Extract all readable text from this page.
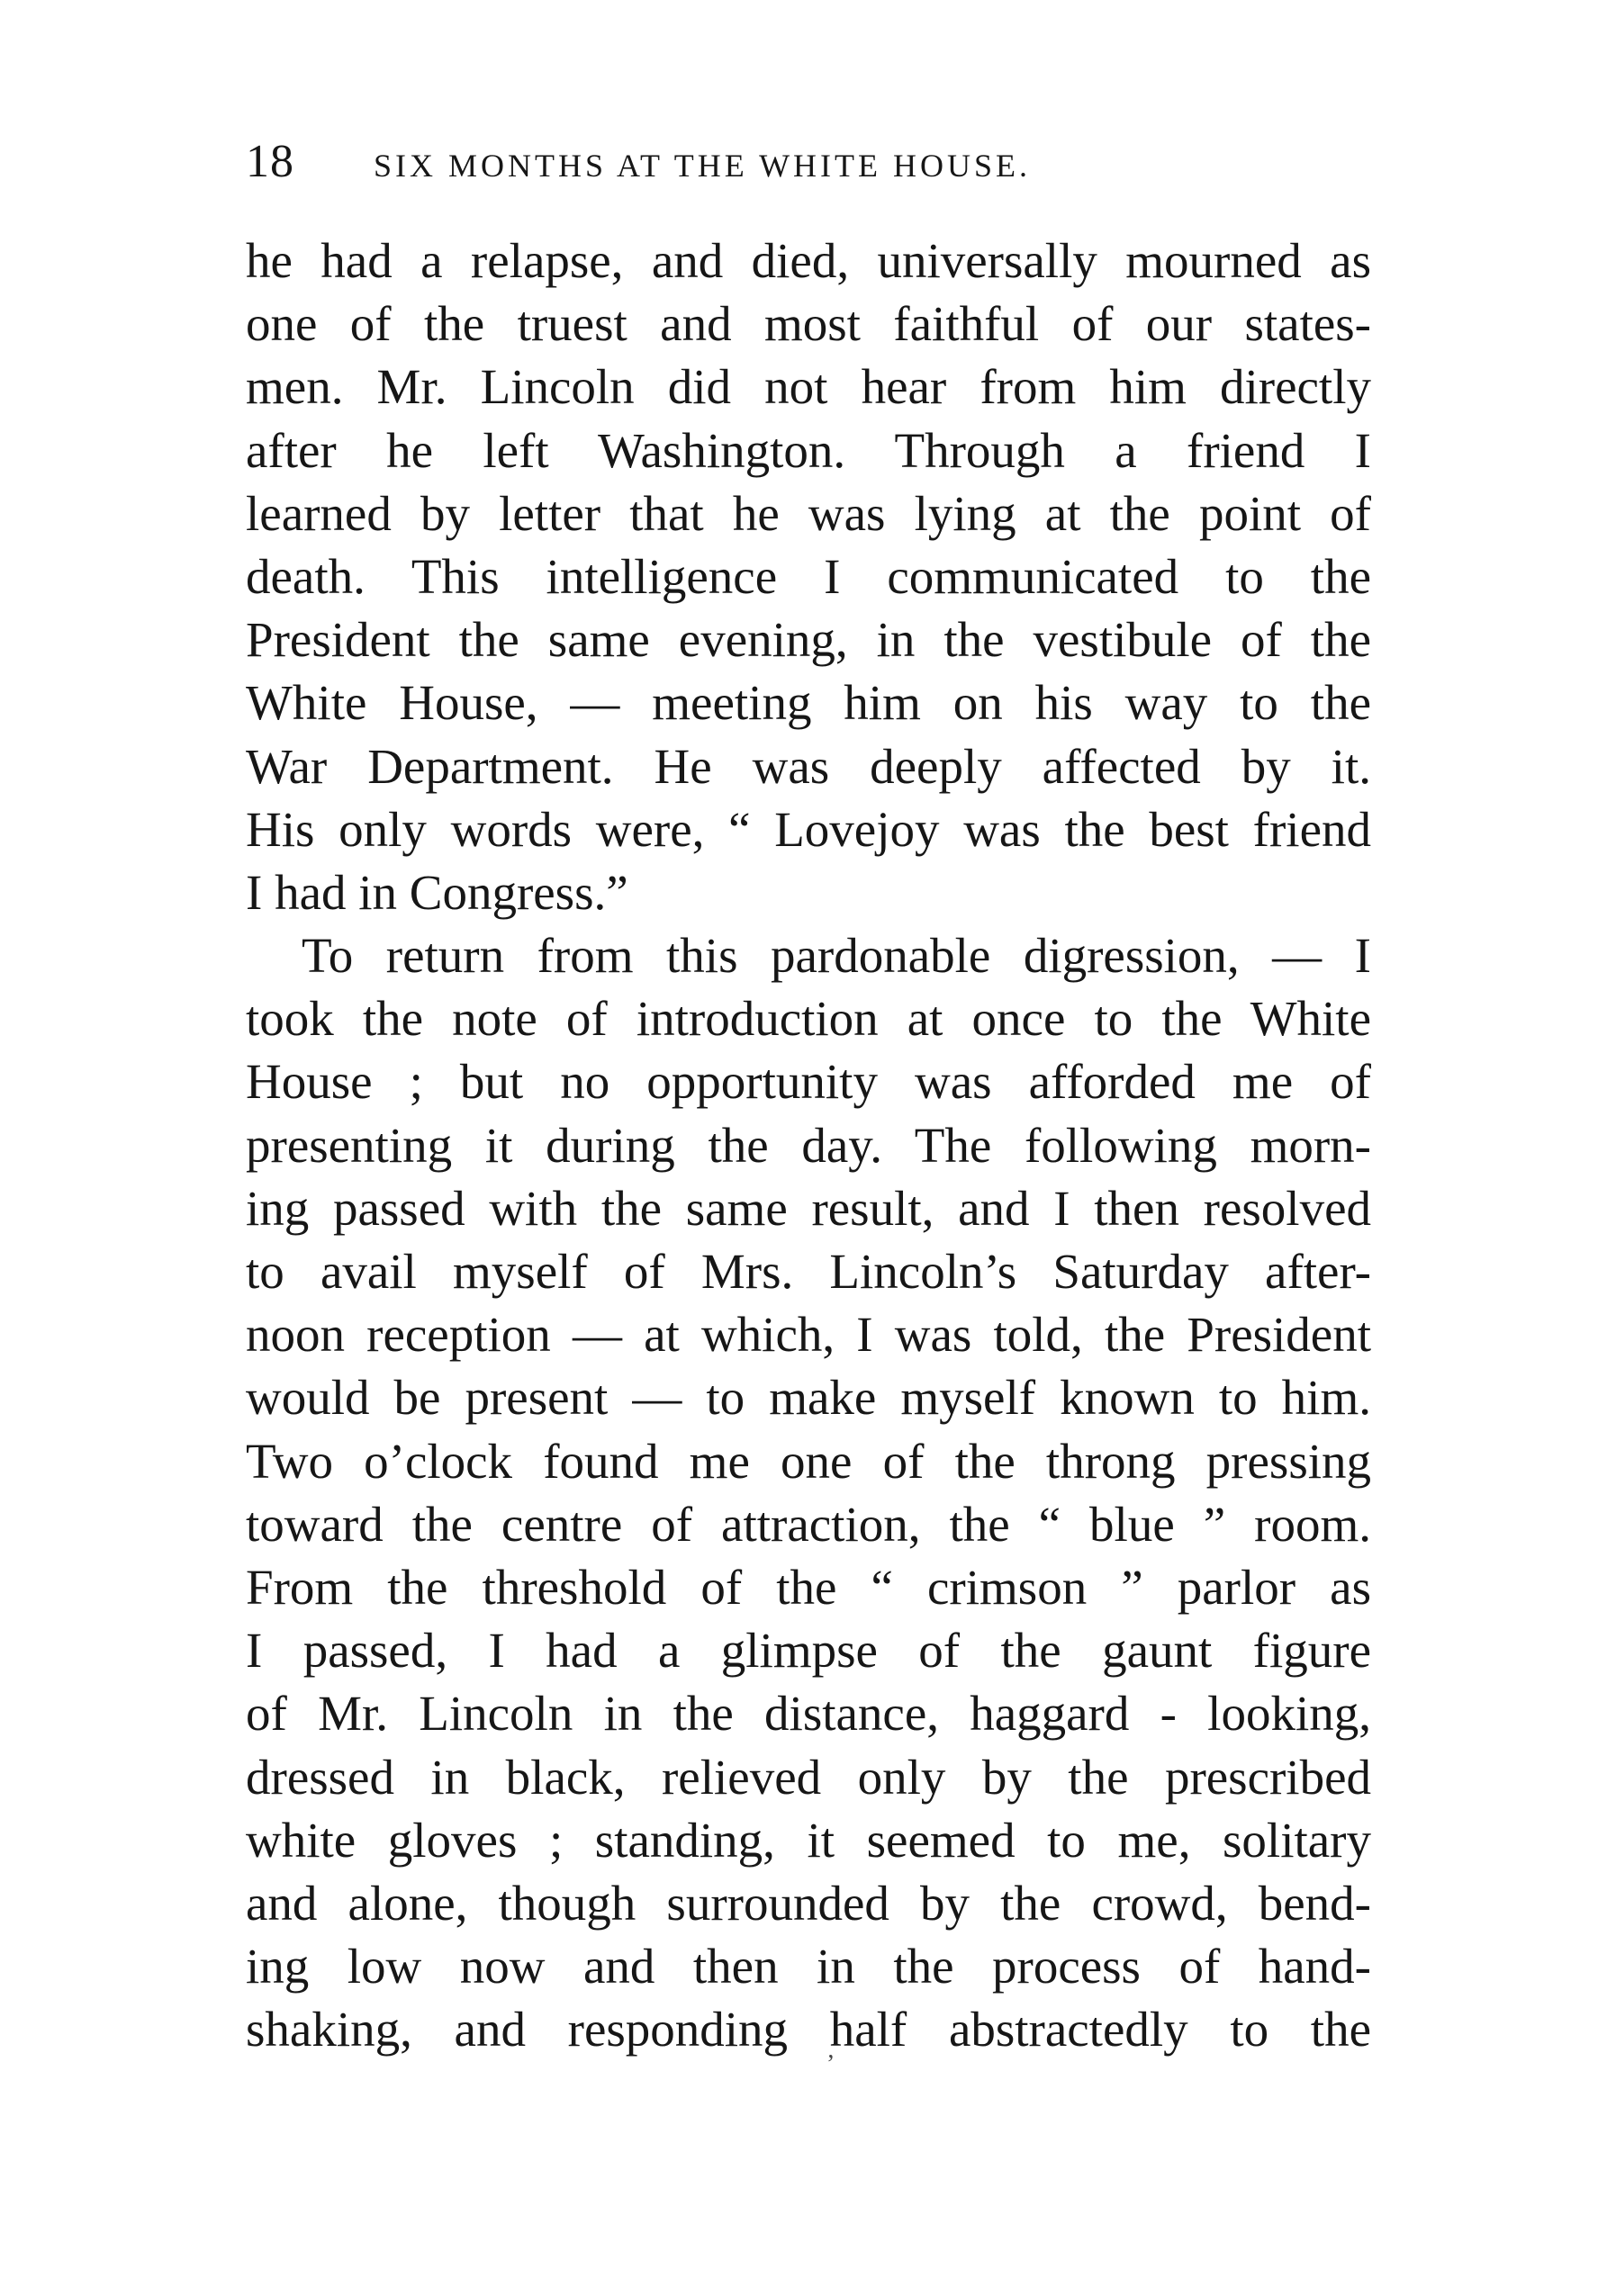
18 SIX MONTHS AT THE WHITE HOUSE.
he had a relapse, and died, universally mourned as
one of the truest and most faithful of our states-
men. Mr. Lincoln did not hear from him directly
after he left Washington. Through a friend I
learned by letter that he was lying at the point of
death. This intelligence I communicated to the
President the same evening, in the vestibule of the
White House, — meeting him on his way to the
War Department. He was deeply affected by it.
His only words were, “ Lovejoy was the best friend
I had in Congress.”
To return from this pardonable digression, — I
took the note of introduction at once to the White
House ; but no opportunity was afforded me of
presenting it during the day. The following morn-
ing passed with the same result, and I then resolved
to avail myself of Mrs. Lincoln’s Saturday after-
noon reception — at which, I was told, the President
would be present — to make myself known to him.
Two o’clock found me one of the throng pressing
toward the centre of attraction, the “ blue ” room.
From the threshold of the “ crimson ” parlor as
I passed, I had a glimpse of the gaunt figure
of Mr. Lincoln in the distance, haggard - looking,
dressed in black, relieved only by the prescribed
white gloves ; standing, it seemed to me, solitary
and alone, though surrounded by the crowd, bend-
ing low now and then in the process of hand-
shaking, and responding half abstractedly to the
ʼ
